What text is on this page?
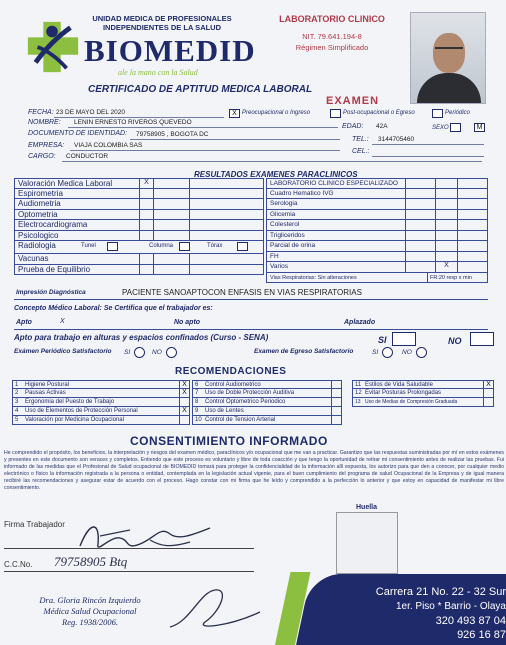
UNIDAD MEDICA DE PROFESIONALES INDEPENDIENTES DE LA SALUD
BIOMEDID
ale la mano con la Salud
LABORATORIO CLINICO
NIT. 79.641.194-8
Régimen Simplificado
CERTIFICADO DE APTITUD MEDICA LABORAL
EXAMEN
X Preocupacional o Ingreso	Post-ocupacional o Egreso	Periódico
FECHA: 23 DE MAYO DEL 2020
NOMBRE: LENIN ERNESTO RIVEROS QUEVEDO
EDAD: 42A	SEXO	M
DOCUMENTO DE IDENTIDAD: 79758905 , BOGOTA DC
TEL.: 3144705460
EMPRESA: VIAJA COLOMBIA SAS
CEL.:
CARGO: CONDUCTOR
RESULTADOS EXAMENES PARACLINICOS
Valoración Medica Laboral	X
Espirometria
Audiometria
Optometria
Electrocardiograma
Psicologico
Radiologia	Tunel	Columna	Tórax
Vacunas
Prueba de Equilibrio
LABORATORIO CLINICO ESPECIALIZADO
Cuadro Hematico IVG
Serologia
Glicemia
Colesterol
Trigliceridos
Parcial de orina
FH
Varios	X
Vias Respiratorias: Sin alteraciones	FR:20 resp x min
Impresión Diagnóstica	PACIENTE SANOAPTOCON ENFASIS EN VIAS RESPIRATORIAS
Concepto Médico Laboral: Se Certifica que el trabajador es:
Apto	X	No apto	Aplazado
Apto para trabajo en alturas y espacios confinados (Curso - SENA)	SI	NO
Exámen Periódico Satisfactorio SI	NO	Examen de Egreso Satisfactorio	SI	NO
RECOMENDACIONES
1 Higiene Postural	X
2 Pausas Activas	X
3 Ergonomia del Puesto de Trabajo
4 Uso de Elementos de Protección Personal	X
5 Valoración por Medicina Ocupacional
6 Control Audiometrico
7 Uso de Doble Protección Auditiva
8 Control Optometrico Periodico
9 Uso de Lentes
10 Control de Tension Arterial
11 Estilos de Vida Saludable	X
12 Evitar Posturas Prolongadas
13 Uso de Medias de Compresión Graduada
CONSENTIMIENTO INFORMADO
He comprendido el propósito, los beneficios, la interpretación y riesgos del examen médico, paraclínicos y/o ocupacional que me van a practicar. Garantizo que las respuestas suministradas por mí en estos exámenes y presentes en este documento son veraces y completos. Entiendo que este proceso es voluntario y libre de toda coacción y que tengo la oportunidad de retirar mi consentimiento antes de realizar las pruebas. Fui informado de las medidas que el Profesional de Salud ocupacional de BIOMEDID tomará para proteger la confidencialidad de la información allí expuesta, los autorizo para que den a conocer, por cualquier medio electrónico o físico la información registrada a la persona o entidad, contemplada en la legislación actual vigente, para el buen cumplimiento del programa de salud Ocupacional de la Empresa y de igual manera recibiré las recomendaciones y asegurar estar de acuerdo con el proceso. Hago constar con mi firma que he leído y comprendido a la perfección lo anterior y que estoy en capacidad de manifestar mi libre consentimiento.
Firma Trabajador
Huella
C.C.No. 79758905 Btq
Dra. Gloria Rincón Izquierdo
Médica Salud Ocupacional
Reg. 1938/2006.
Carrera 21 No. 22 - 32 Sur
1er. Piso * Barrio - Olaya
320 493 87 04
926 16 87
